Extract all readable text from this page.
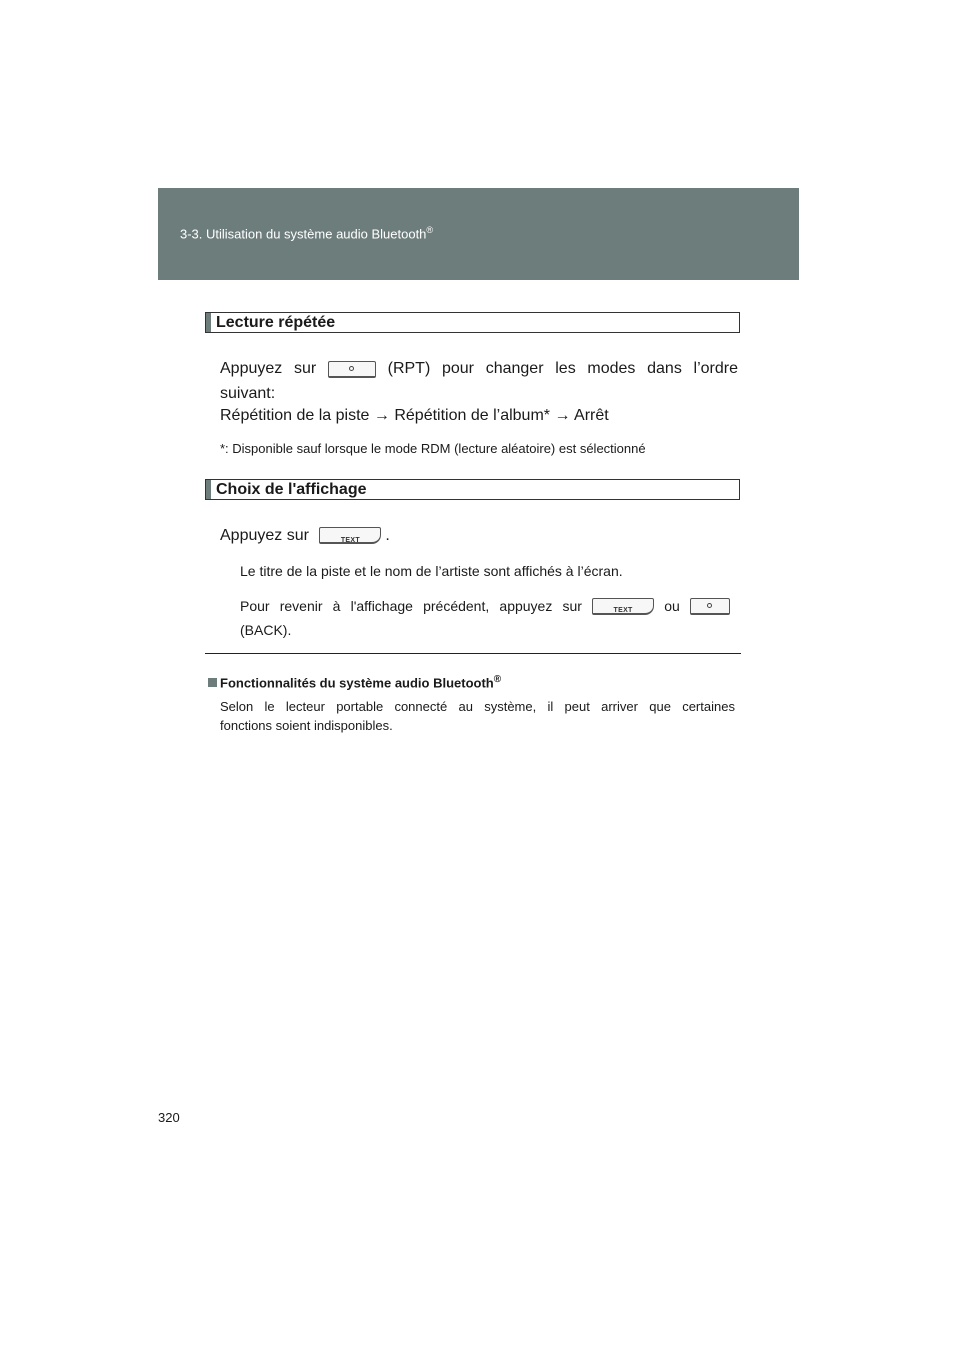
3-3. Utilisation du système audio Bluetooth®
Lecture répétée
Appuyez sur	(RPT) pour changer les modes dans l’ordre
suivant:
Répétition de la piste → Répétition de l’album* → Arrêt
*: Disponible sauf lorsque le mode RDM (lecture aléatoire) est sélectionné
Choix de l'affichage
Appuyez sur	TEXT	.
Le titre de la piste et le nom de l’artiste sont affichés à l’écran.
Pour revenir à l'affichage précédent, appuyez sur	TEXT	ou
(BACK).
Fonctionnalités du système audio Bluetooth®
Selon le lecteur portable connecté au système, il peut arriver que certaines
fonctions soient indisponibles.
320
